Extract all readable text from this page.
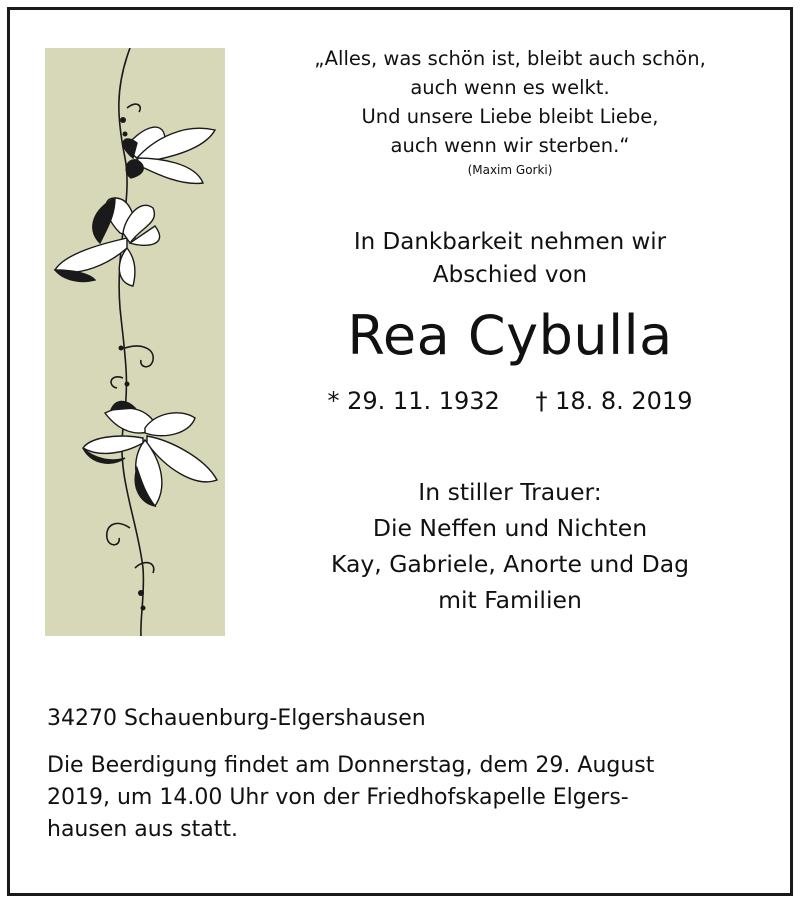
„Alles, was schön ist, bleibt auch schön,
auch wenn es welkt.
Und unsere Liebe bleibt Liebe,
auch wenn wir sterben.“
(Maxim Gorki)
In Dankbarkeit nehmen wir
Abschied von
Rea Cybulla
* 29. 11. 1932 † 18. 8. 2019
In stiller Trauer:
Die Neffen und Nichten
Kay, Gabriele, Anorte und Dag
mit Familien
34270 Schauenburg-Elgershausen
Die Beerdigung findet am Donnerstag, dem 29. August
2019, um 14.00 Uhr von der Friedhofskapelle Elgers-
hausen aus statt.
